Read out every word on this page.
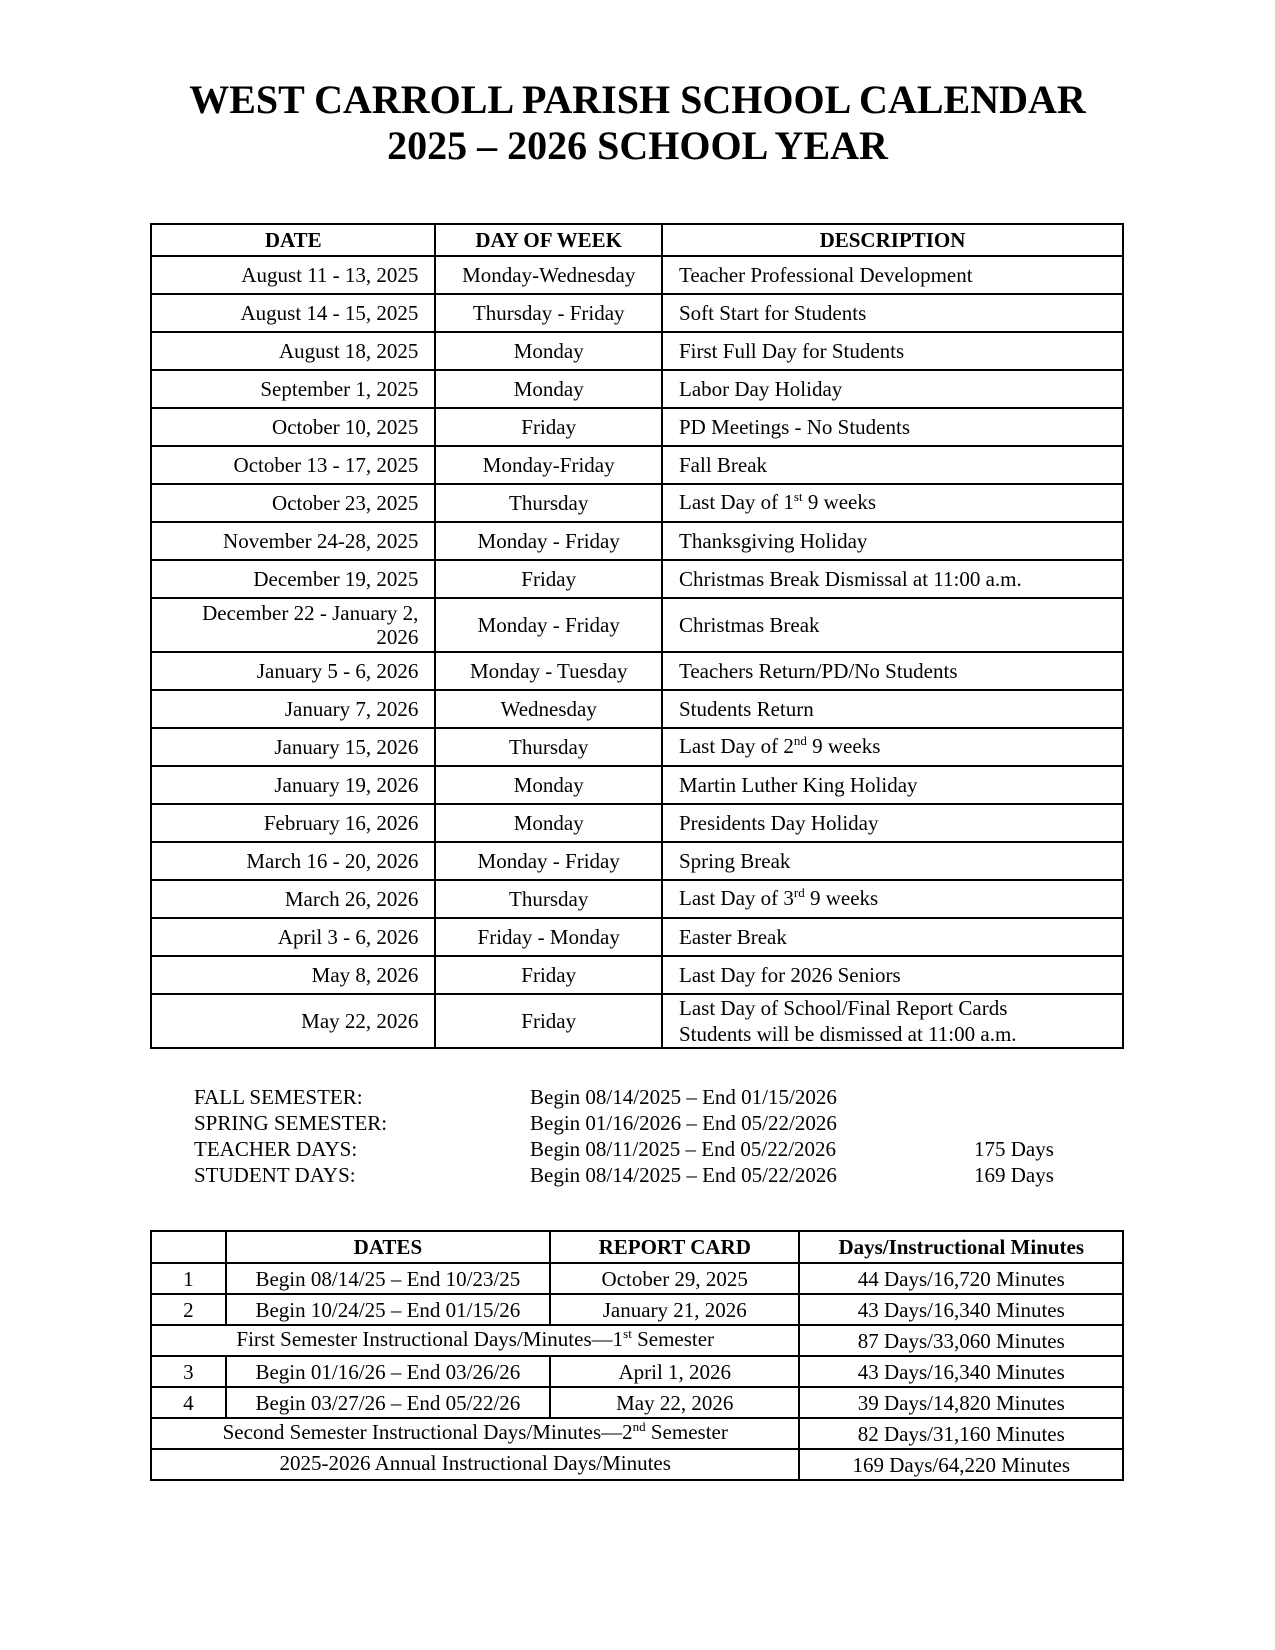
WEST CARROLL PARISH SCHOOL CALENDAR
2025 – 2026 SCHOOL YEAR
DATE	DAY OF WEEK	DESCRIPTION
August 11 - 13, 2025	Monday-Wednesday	Teacher Professional Development
August 14 - 15, 2025	Thursday - Friday	Soft Start for Students
August 18, 2025	Monday	First Full Day for Students
September 1, 2025	Monday	Labor Day Holiday
October 10, 2025	Friday	PD Meetings - No Students
October 13 - 17, 2025	Monday-Friday	Fall Break
October 23, 2025	Thursday	Last Day of 1st 9 weeks
November 24-28, 2025	Monday - Friday	Thanksgiving Holiday
December 19, 2025	Friday	Christmas Break Dismissal at 11:00 a.m.

December 22 - January 2,
2026	Monday - Friday	Christmas Break
January 5 - 6, 2026	Monday - Tuesday	Teachers Return/PD/No Students
January 7, 2026	Wednesday	Students Return
January 15, 2026	Thursday	Last Day of 2nd 9 weeks
January 19, 2026	Monday	Martin Luther King Holiday
February 16, 2026	Monday	Presidents Day Holiday
March 16 - 20, 2026	Monday - Friday	Spring Break
March 26, 2026	Thursday	Last Day of 3rd 9 weeks
April 3 - 6, 2026	Friday - Monday	Easter Break
May 8, 2026	Friday	Last Day for 2026 Seniors
May 22, 2026	Friday	Last Day of School/Final Report Cards
Students will be dismissed at 11:00 a.m.
FALL SEMESTER:	Begin 08/14/2025 – End 01/15/2026
SPRING SEMESTER:	Begin 01/16/2026 – End 05/22/2026
TEACHER DAYS:	Begin 08/11/2025 – End 05/22/2026	175 Days
STUDENT DAYS:	Begin 08/14/2025 – End 05/22/2026	169 Days
	DATES	REPORT CARD	Days/Instructional Minutes
1	Begin 08/14/25 – End 10/23/25	October 29, 2025	44 Days/16,720 Minutes
2	Begin 10/24/25 – End 01/15/26	January 21, 2026	43 Days/16,340 Minutes
First Semester Instructional Days/Minutes—1st Semester			87 Days/33,060 Minutes
3	Begin 01/16/26 – End 03/26/26	April 1, 2026	43 Days/16,340 Minutes
4	Begin 03/27/26 – End 05/22/26	May 22, 2026	39 Days/14,820 Minutes
Second Semester Instructional Days/Minutes—2nd Semester			82 Days/31,160 Minutes
2025-2026 Annual Instructional Days/Minutes			169 Days/64,220 Minutes
